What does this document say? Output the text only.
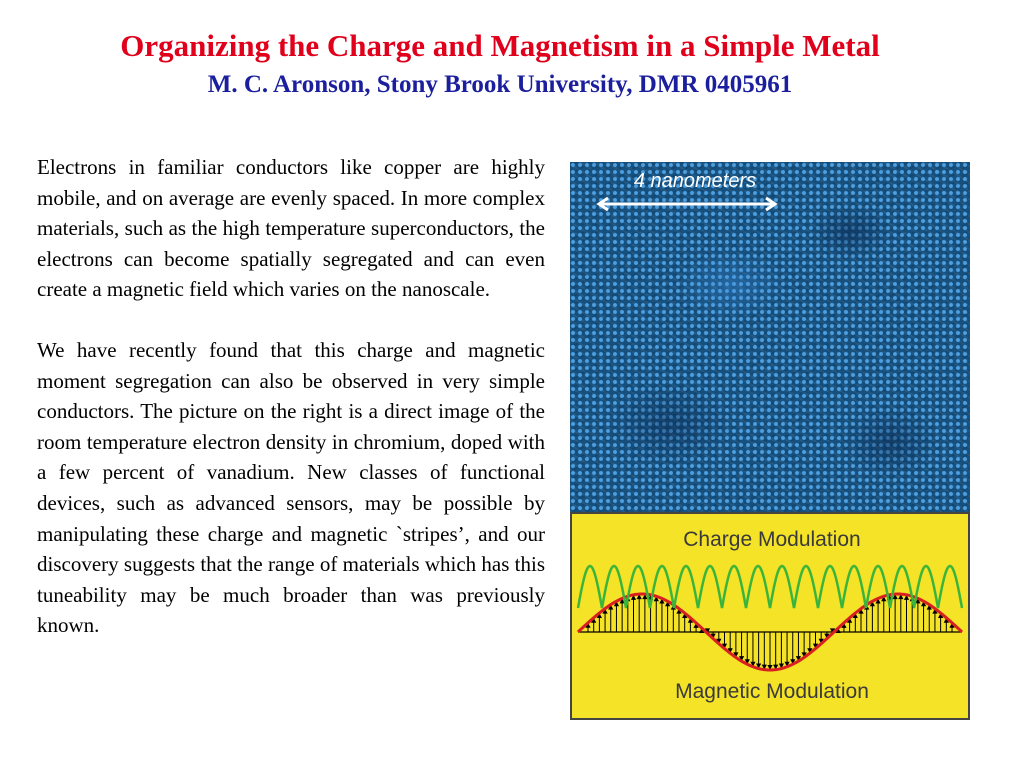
Organizing the Charge and Magnetism in a Simple Metal
M. C. Aronson, Stony Brook University, DMR 0405961

Electrons in familiar conductors like copper are highly mobile, and on average are evenly spaced. In more complex materials, such as the high temperature superconductors, the electrons can become spatially segregated and can even create a magnetic field which varies on the nanoscale.

We have recently found that this charge and magnetic moment segregation can also be observed in very simple conductors. The picture on the right is a direct image of the room temperature electron density in chromium, doped with a few percent of vanadium. New classes of functional devices, such as advanced sensors, may be possible by manipulating these charge and magnetic `stripes’, and our discovery suggests that the range of materials which has this tuneability may be much broader than was previously known.

4 nanometers
Charge Modulation
Magnetic Modulation
